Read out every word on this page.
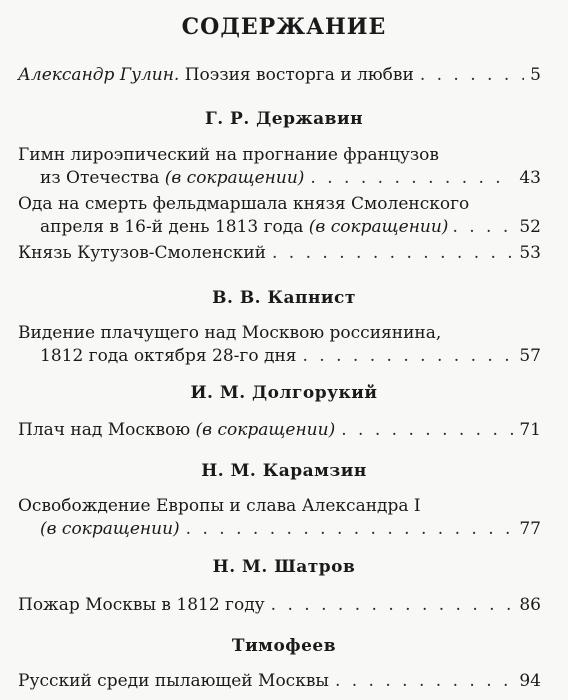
СОДЕРЖАНИЕ
Александр Гулин.
Поэзия восторга и любви . . .	5
Г. Р. Державин
Гимн лироэпический на прогнание французов
из Отечества
(в сокращении) . . .	43
Ода на смерть фельдмаршала князя Смоленского
апреля в 16-й день 1813 года
(в сокращении) . . .	52
Князь Кутузов-Смоленский . . .	53
В. В. Капнист
Видение плачущего над Москвою россиянина,
1812 года октября 28-го дня . . .	57
И. М. Долгорукий
Плач над Москвою
(в сокращении) . . .	71
Н. М. Карамзин
Освобождение Европы и слава Александра I
(в сокращении) . . .	77
Н. М. Шатров
Пожар Москвы в 1812 году . . .	86
Тимофеев
Русский среди пылающей Москвы . . .	94
